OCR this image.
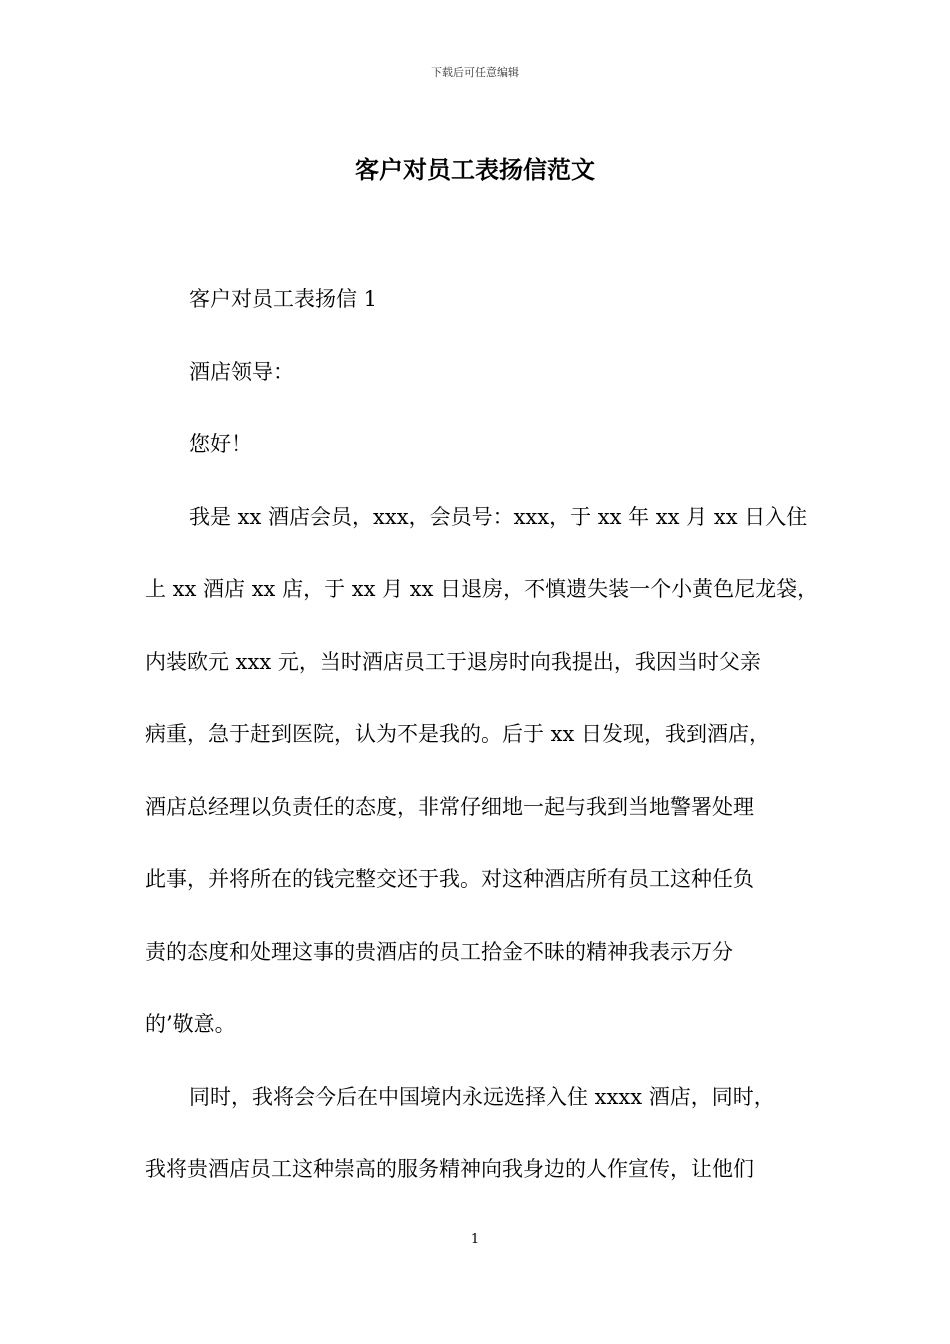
下载后可任意编辑
客户对员工表扬信范文
客户对员工表扬信 1
酒店领导：
您好！
我是 xx 酒店会员，xxx，会员号：xxx，于 xx 年 xx 月 xx 日入住
上 xx 酒店 xx 店，于 xx 月 xx 日退房，不慎遗失装一个小黄色尼龙袋，
内装欧元 xxx 元，当时酒店员工于退房时向我提出，我因当时父亲
病重，急于赶到医院，认为不是我的。后于 xx 日发现，我到酒店，
酒店总经理以负责任的态度，非常仔细地一起与我到当地警署处理
此事，并将所在的钱完整交还于我。对这种酒店所有员工这种任负
责的态度和处理这事的贵酒店的员工拾金不昧的精神我表示万分
的’敬意。
同时，我将会今后在中国境内永远选择入住 xxxx 酒店，同时，
我将贵酒店员工这种崇高的服务精神向我身边的人作宣传，让他们
1
